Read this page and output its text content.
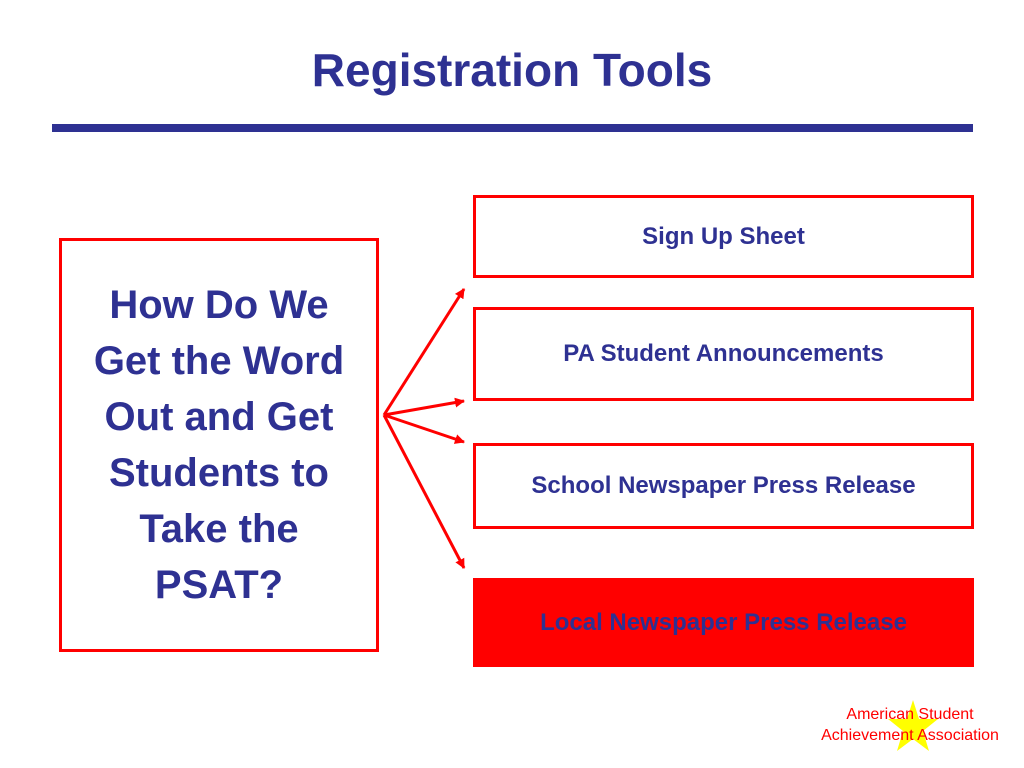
Registration Tools
How Do We Get the Word Out and Get Students to Take the PSAT?
Sign Up Sheet
PA Student Announcements
School Newspaper Press Release
Local Newspaper Press Release
American Student
Achievement Association
